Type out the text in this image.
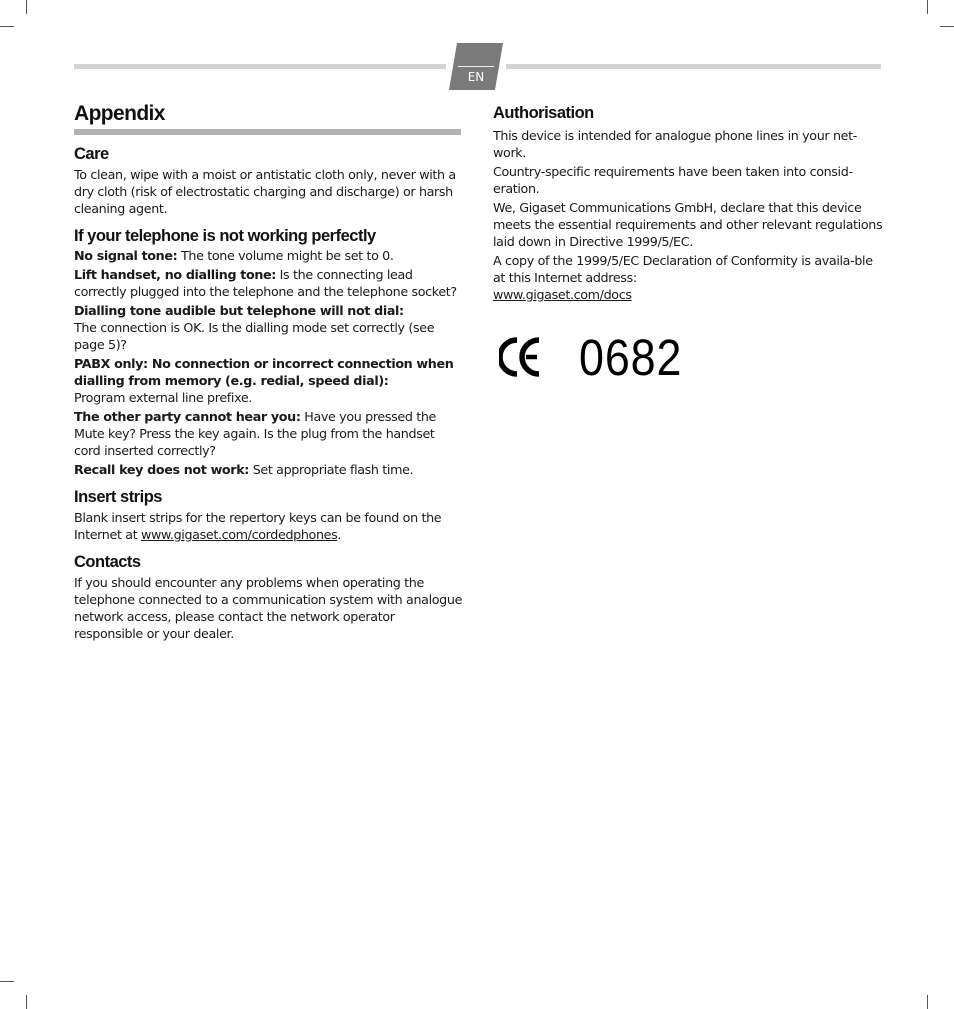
EN
Appendix
Care

To clean, wipe with a moist or antistatic cloth only, never with a dry cloth (risk of electrostatic charging and discharge) or harsh cleaning agent.

If your telephone is not working perfectly

No signal tone: The tone volume might be set to 0.

Lift handset, no dialling tone: Is the connecting lead correctly plugged into the telephone and the telephone socket?

Dialling tone audible but telephone will not dial:
The connection is OK. Is the dialling mode set correctly (see page 5)?

PABX only: No connection or incorrect connection when dialling from memory (e.g. redial, speed dial):
Program external line prefixe.

The other party cannot hear you: Have you pressed the Mute key? Press the key again. Is the plug from the handset cord inserted correctly?

Recall key does not work: Set appropriate flash time.

Insert strips

Blank insert strips for the repertory keys can be found on the Internet at www.gigaset.com/cordedphones.

Contacts

If you should encounter any problems when operating the telephone connected to a communication system with analogue network access, please contact the network operator responsible or your dealer.

Authorisation

This device is intended for analogue phone lines in your net-work.

Country-specific requirements have been taken into consid-eration.

We, Gigaset Communications GmbH, declare that this device meets the essential requirements and other relevant regulations laid down in Directive 1999/5/EC.

A copy of the 1999/5/EC Declaration of Conformity is availa-ble at this Internet address:

www.gigaset.com/docs

0682
